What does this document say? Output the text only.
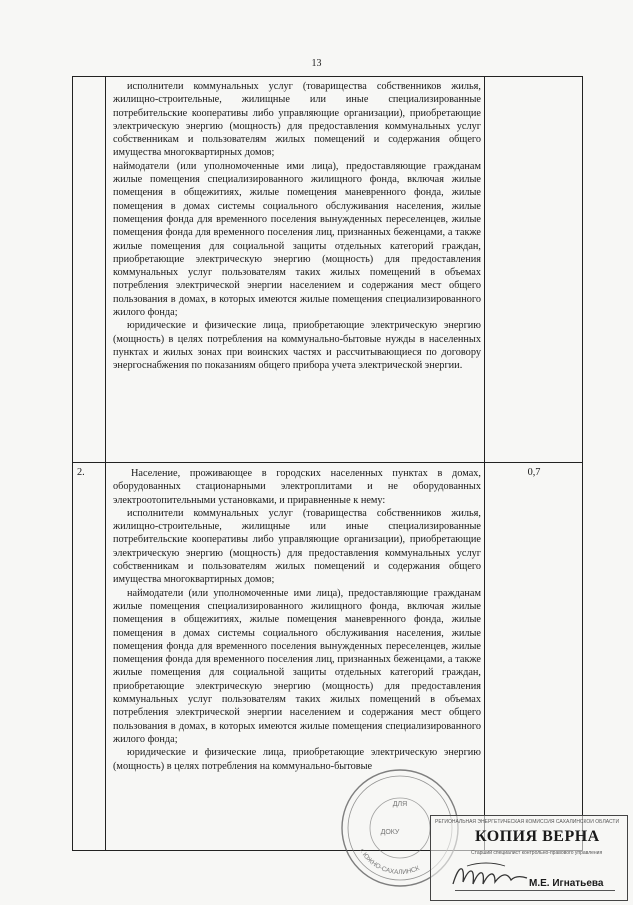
13

исполнители коммунальных услуг (товарищества собственников жилья, жилищно-строительные, жилищные или иные специализированные потребительские кооперативы либо управляющие организации), приобретающие электрическую энергию (мощность) для предоставления коммунальных услуг собственникам и пользователям жилых помещений и содержания общего имущества многоквартирных домов;

наймодатели (или уполномоченные ими лица), предоставляющие гражданам жилые помещения специализированного жилищного фонда, включая жилые помещения в общежитиях, жилые помещения маневренного фонда, жилые помещения в домах системы социального обслуживания населения, жилые помещения фонда для временного поселения вынужденных переселенцев, жилые помещения фонда для временного поселения лиц, признанных беженцами, а также жилые помещения для социальной защиты отдельных категорий граждан, приобретающие электрическую энергию (мощность) для предоставления коммунальных услуг пользователям таких жилых помещений в объемах потребления электрической энергии населением и содержания мест общего пользования в домах, в которых имеются жилые помещения специализированного жилого фонда;

юридические и физические лица, приобретающие электрическую энергию (мощность) в целях потребления на коммунально-бытовые нужды в населенных пунктах и жилых зонах при воинских частях и рассчитывающиеся по договору энергоснабжения по показаниям общего прибора учета электрической энергии.

2.	0,7

Население, проживающее в городских населенных пунктах в домах, оборудованных стационарными электроплитами и не оборудованных электроотопительными установками, и приравненные к нему:

исполнители коммунальных услуг (товарищества собственников жилья, жилищно-строительные, жилищные или иные специализированные потребительские кооперативы либо управляющие организации), приобретающие электрическую энергию (мощность) для предоставления коммунальных услуг собственникам и пользователям жилых помещений и содержания общего имущества многоквартирных домов;

наймодатели (или уполномоченные ими лица), предоставляющие гражданам жилые помещения специализированного жилищного фонда, включая жилые помещения в общежитиях, жилые помещения маневренного фонда, жилые помещения в домах системы социального обслуживания населения, жилые помещения фонда для временного поселения вынужденных переселенцев, жилые помещения фонда для временного поселения лиц, признанных беженцами, а также жилые помещения для социальной защиты отдельных категорий граждан, приобретающие электрическую энергию (мощность) для предоставления коммунальных услуг пользователям таких жилых помещений в объемах потребления электрической энергии населением и содержания мест общего пользования в домах, в которых имеются жилые помещения специализированного жилого фонда;

юридические и физические лица, приобретающие электрическую энергию (мощность) в целях потребления на коммунально-бытовые

г. ЮЖНО-САХАЛИНСК
ДЛЯ
ДОКУ
РЕГИОНАЛЬНАЯ ЭНЕРГЕТИЧЕСКАЯ КОМИССИЯ САХАЛИНСКОЙ ОБЛАСТИ
КОПИЯ ВЕРНА
Старший специалист контрольно-правового управления
М.Е. Игнатьева
